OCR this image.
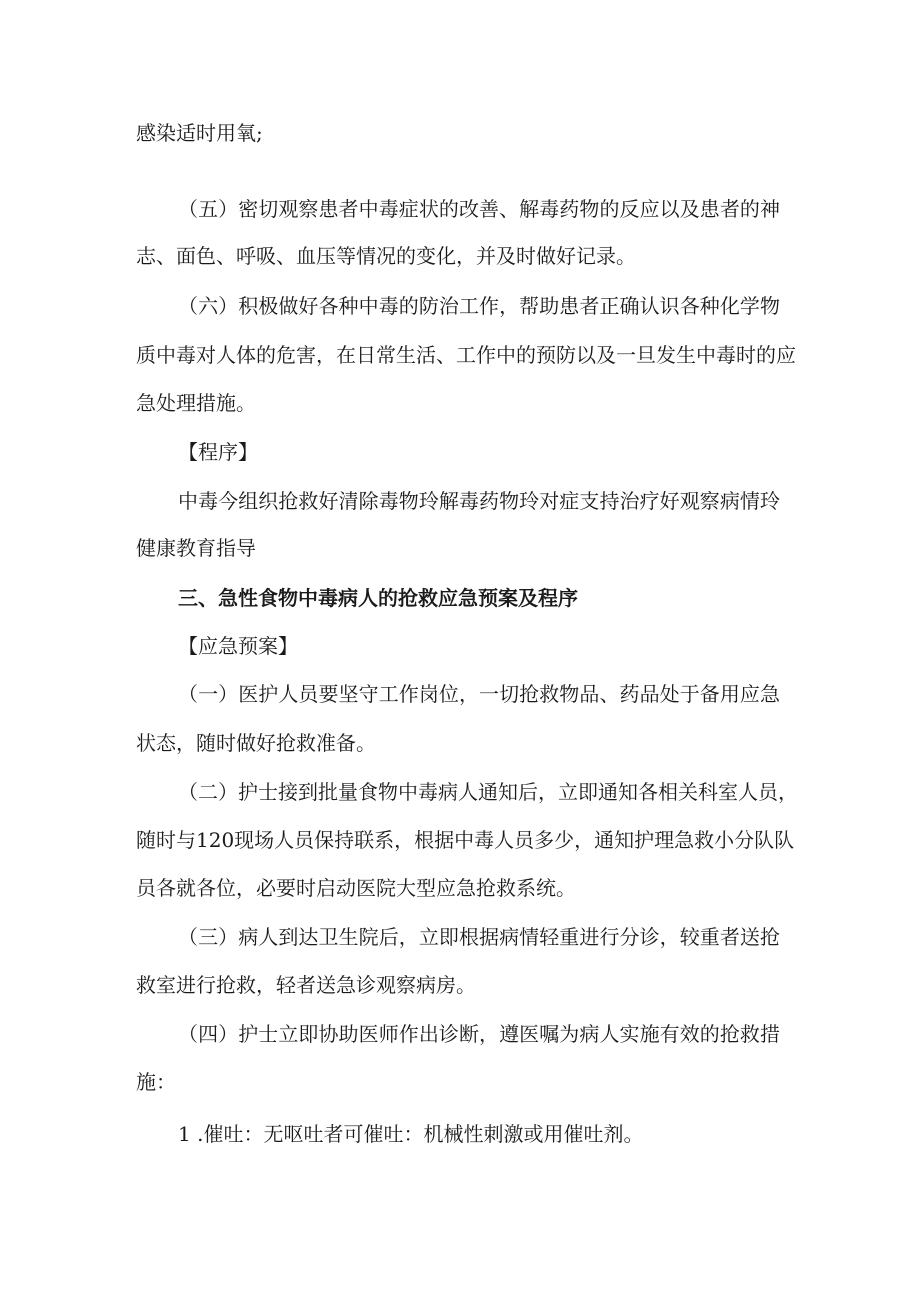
感染适时用氧;

（五）密切观察患者中毒症状的改善、解毒药物的反应以及患者的神

志、面色、呼吸、血压等情况的变化，并及时做好记录。

（六）积极做好各种中毒的防治工作，帮助患者正确认识各种化学物

质中毒对人体的危害，在日常生活、工作中的预防以及一旦发生中毒时的应

急处理措施。

【程序】

中毒今组织抢救好清除毒物玲解毒药物玲对症支持治疗好观察病情玲

健康教育指导

三、急性食物中毒病人的抢救应急预案及程序

【应急预案】

（一）医护人员要坚守工作岗位，一切抢救物品、药品处于备用应急

状态，随时做好抢救准备。

（二）护士接到批量食物中毒病人通知后，立即通知各相关科室人员，

随时与120现场人员保持联系，根据中毒人员多少，通知护理急救小分队队

员各就各位，必要时启动医院大型应急抢救系统。

（三）病人到达卫生院后，立即根据病情轻重进行分诊，较重者送抢

救室进行抢救，轻者送急诊观察病房。

（四）护士立即协助医师作出诊断，遵医嘱为病人实施有效的抢救措

施：

1 .催吐：无呕吐者可催吐：机械性刺激或用催吐剂。
